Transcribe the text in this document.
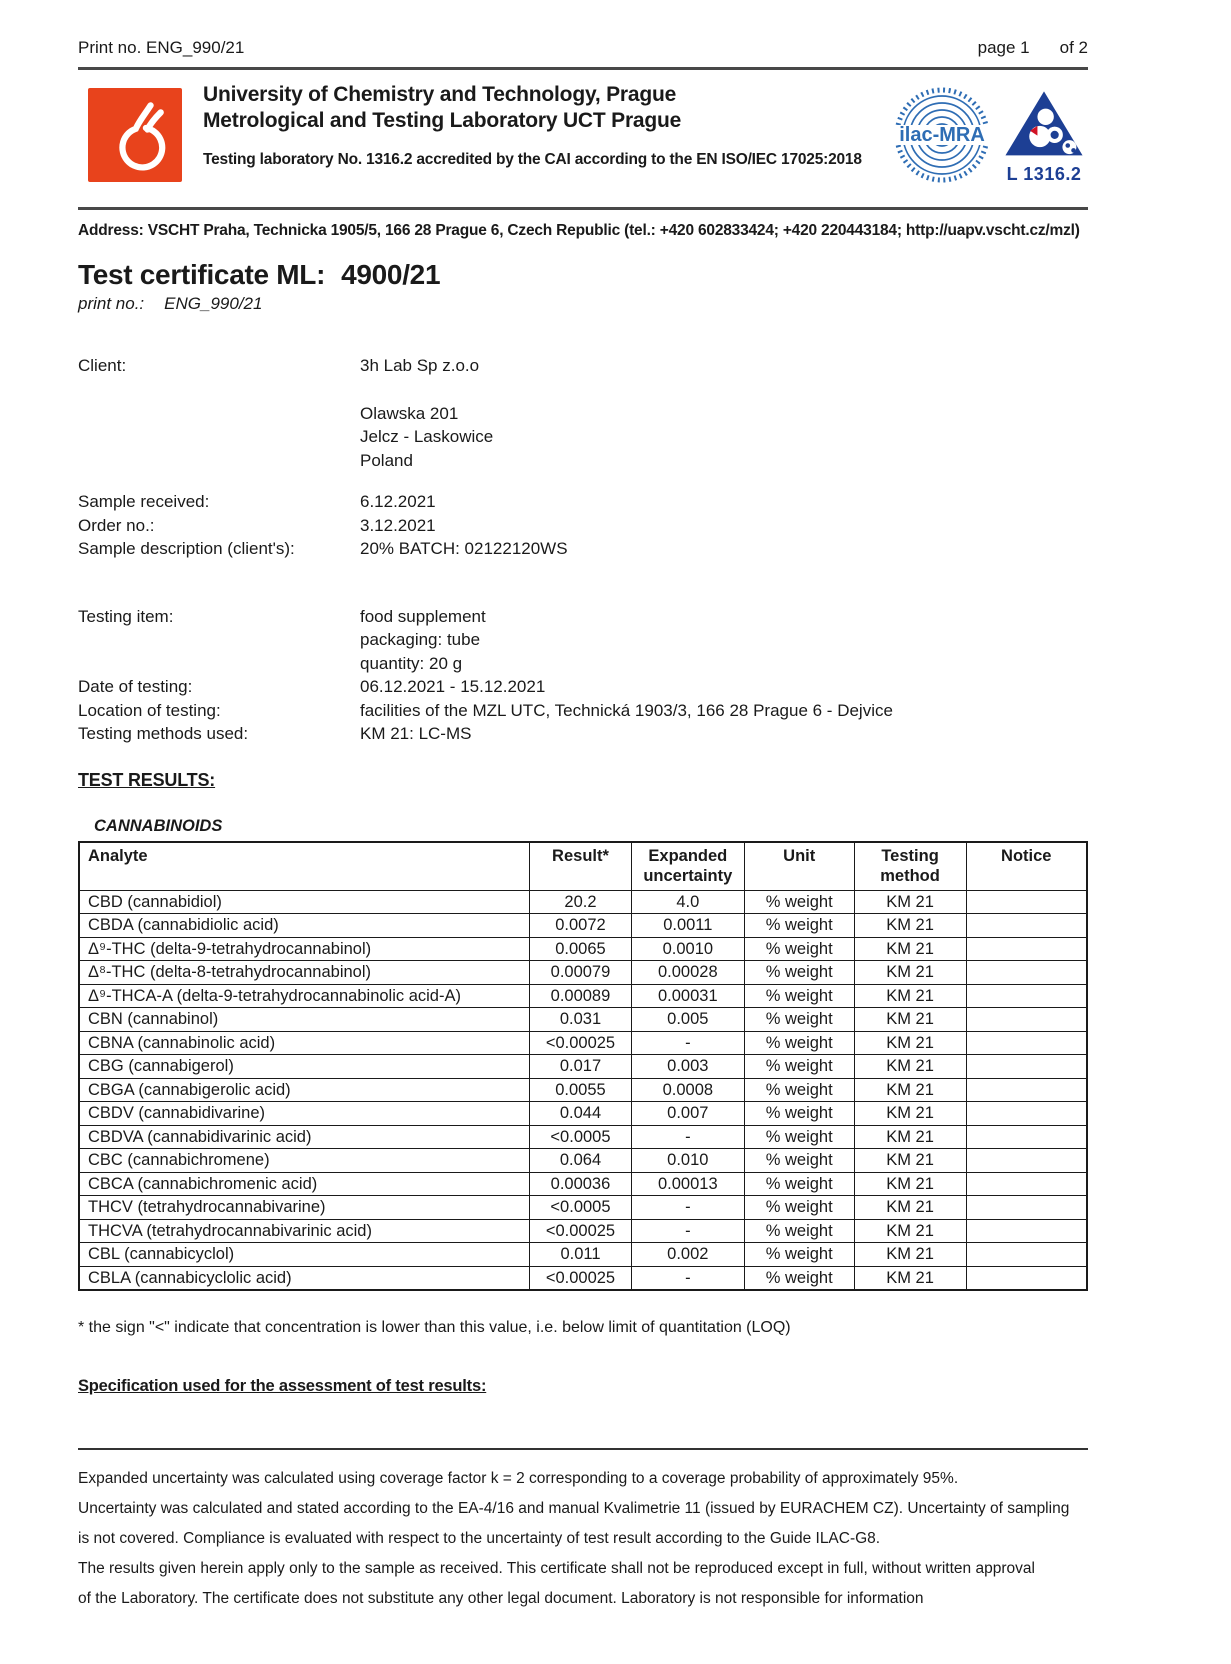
Print no. ENG_990/21	page 1 of 2
University of Chemistry and Technology, Prague
Metrological and Testing Laboratory UCT Prague
Testing laboratory No. 1316.2 accredited by the CAI according to the EN ISO/IEC 17025:2018
ilac-MRA
L 1316.2
Address: VSCHT Praha, Technicka 1905/5, 166 28 Prague 6, Czech Republic (tel.: +420 602833424; +420 220443184; http://uapv.vscht.cz/mzl)
Test certificate ML: 4900/21
print no.: ENG_990/21
Client:	3h Lab Sp z.o.o
Olawska 201
Jelcz - Laskowice
Poland
Sample received:	6.12.2021
Order no.:	3.12.2021
Sample description (client's):	20% BATCH: 02122120WS
Testing item:	food supplement
packaging: tube
quantity: 20 g
Date of testing:	06.12.2021 - 15.12.2021
Location of testing:	facilities of the MZL UTC, Technická 1903/3, 166 28 Prague 6 - Dejvice
Testing methods used:	KM 21: LC-MS
TEST RESULTS:
CANNABINOIDS
Analyte	Result*	Expanded uncertainty	Unit	Testing method	Notice
CBD (cannabidiol)	20.2	4.0	% weight	KM 21	
CBDA (cannabidiolic acid)	0.0072	0.0011	% weight	KM 21	
Δ⁹-THC (delta-9-tetrahydrocannabinol)	0.0065	0.0010	% weight	KM 21	
Δ⁸-THC (delta-8-tetrahydrocannabinol)	0.00079	0.00028	% weight	KM 21	
Δ⁹-THCA-A (delta-9-tetrahydrocannabinolic acid-A)	0.00089	0.00031	% weight	KM 21	
CBN (cannabinol)	0.031	0.005	% weight	KM 21	
CBNA (cannabinolic acid)	<0.00025	-	% weight	KM 21	
CBG (cannabigerol)	0.017	0.003	% weight	KM 21	
CBGA (cannabigerolic acid)	0.0055	0.0008	% weight	KM 21	
CBDV (cannabidivarine)	0.044	0.007	% weight	KM 21	
CBDVA (cannabidivarinic acid)	<0.0005	-	% weight	KM 21	
CBC (cannabichromene)	0.064	0.010	% weight	KM 21	
CBCA (cannabichromenic acid)	0.00036	0.00013	% weight	KM 21	
THCV (tetrahydrocannabivarine)	<0.0005	-	% weight	KM 21	
THCVA (tetrahydrocannabivarinic acid)	<0.00025	-	% weight	KM 21	
CBL (cannabicyclol)	0.011	0.002	% weight	KM 21	
CBLA (cannabicyclolic acid)	<0.00025	-	% weight	KM 21	
* the sign "<" indicate that concentration is lower than this value, i.e. below limit of quantitation (LOQ)
Specification used for the assessment of test results:
Expanded uncertainty was calculated using coverage factor k = 2 corresponding to a coverage probability of approximately 95%.
Uncertainty was calculated and stated according to the EA-4/16 and manual Kvalimetrie 11 (issued by EURACHEM CZ). Uncertainty of sampling
is not covered. Compliance is evaluated with respect to the uncertainty of test result according to the Guide ILAC-G8.
The results given herein apply only to the sample as received. This certificate shall not be reproduced except in full, without written approval
of the Laboratory. The certificate does not substitute any other legal document. Laboratory is not responsible for information
